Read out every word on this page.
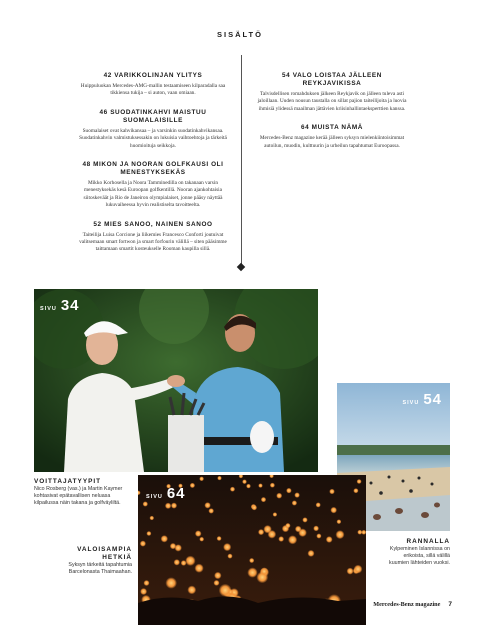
SISÄLTÖ
42 VARIKKOLINJAN YLITYS
Huippuluokan Mercedes-AMG-mallin testaamiseen kilparadalla saa tikkiensa tukija – si auton, vaan omiaan.
46 SUODATINKAHVI MAISTUU SUOMALAISILLE
Suomalaiset ovat kahvikansaa – ja varsinkin suodatinkahvikansaa. Suodatinkahvin valmistuksessakin on lukuisia vaihtoehtoja ja tärkeitä huomioituja seikkoja.
48 MIKON JA NOORAN GOLFKAUSI OLI MENESTYKSEKÄS
Mikko Korhosella ja Noora Tamminedilla on takanaan varsin menestyksekäs kesä Euroopan golfkentillä. Nooran ajankohtaisia siitoskeväät ja Rio de Janeiron olympialaiset, jonne pääsy näyttää lukuvaiheessa hyvin realistiselta tavoitteelta.
52 MIES SANOO, NAINEN SANOO
Taiteilija Luisa Corcione ja liikemies Francesco Conforti joutuivat valitsemaan smart fortwon ja smart forfourin välillä – siten pääsimme taittamaan smartit kosteukselle Rooman kaupilla sillä.
54 VALO LOISTAA JÄLLEEN REYKJAVIKISSA
Talvisdellisen romahduksen jälkeen Reykjavik on jälleen tuleva asti jaloillaan. Uuden nousun taustalla on sillat pajion taiteilijoita ja luovia ihmisiä ylidessä maailman jättävien kriisinhallintaeksperttien kanssa.
64 MUISTA NÄMÄ
Mercedes-Benz magazine kerää jälleen syksyn mielenkiintoisimmat autoilun, muodin, kulttuurin ja urheilun tapahtumat Euroopassa.
SIVU 34
SIVU 54
SIVU 64
VOITTAJATYYPIT
Nico Rosberg (vas.) ja Martin Kaymer kohtasivat epätavallisen neluasa kilpailussa näin takana ja golfväyliltä.
VALOISAMPIA HETKIÄ
Syksyn tärkeitä tapahtumia Barcelonasta Thaimaahan.
RANNALLA
Kylpeminen Islannissa on erikoista, sillä välillä kuumien lähteiden vuoksi.
Mercedes-Benz magazine 7
